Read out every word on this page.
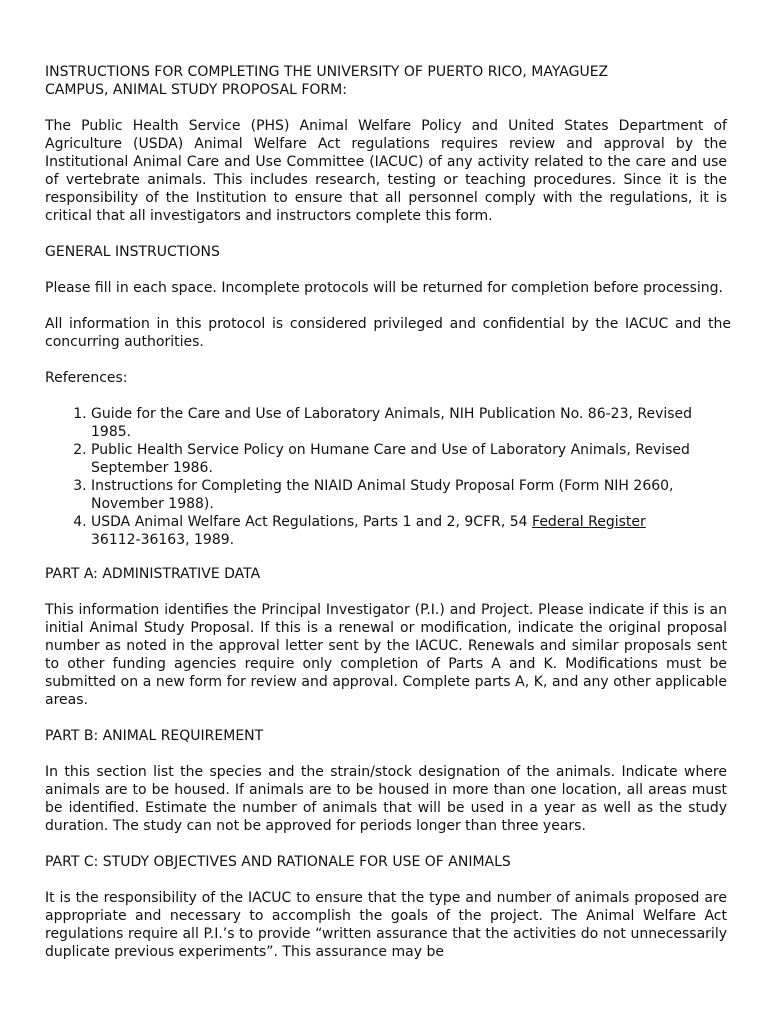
INSTRUCTIONS FOR COMPLETING THE UNIVERSITY OF PUERTO RICO, MAYAGUEZ
CAMPUS, ANIMAL STUDY PROPOSAL FORM:

The Public Health Service (PHS) Animal Welfare Policy and United States Department of Agriculture (USDA) Animal Welfare Act regulations requires review and approval by the Institutional Animal Care and Use Committee (IACUC) of any activity related to the care and use of vertebrate animals. This includes research, testing or teaching procedures. Since it is the responsibility of the Institution to ensure that all personnel comply with the regulations, it is critical that all investigators and instructors complete this form.

GENERAL INSTRUCTIONS

Please fill in each space. Incomplete protocols will be returned for completion before processing.

All information in this protocol is considered privileged and confidential by the IACUC and the concurring authorities.

References:
1. Guide for the Care and Use of Laboratory Animals, NIH Publication No. 86-23, Revised 1985.
2. Public Health Service Policy on Humane Care and Use of Laboratory Animals, Revised September 1986.
3. Instructions for Completing the NIAID Animal Study Proposal Form (Form NIH 2660, November 1988).
4. USDA Animal Welfare Act Regulations, Parts 1 and 2, 9CFR, 54 Federal Register
36112-36163, 1989.
PART A: ADMINISTRATIVE DATA

This information identifies the Principal Investigator (P.I.) and Project. Please indicate if this is an initial Animal Study Proposal. If this is a renewal or modification, indicate the original proposal number as noted in the approval letter sent by the IACUC. Renewals and similar proposals sent to other funding agencies require only completion of Parts A and K. Modifications must be submitted on a new form for review and approval. Complete parts A, K, and any other applicable areas.

PART B: ANIMAL REQUIREMENT

In this section list the species and the strain/stock designation of the animals. Indicate where animals are to be housed. If animals are to be housed in more than one location, all areas must be identified. Estimate the number of animals that will be used in a year as well as the study duration. The study can not be approved for periods longer than three years.

PART C: STUDY OBJECTIVES AND RATIONALE FOR USE OF ANIMALS

It is the responsibility of the IACUC to ensure that the type and number of animals proposed are appropriate and necessary to accomplish the goals of the project. The Animal Welfare Act regulations require all P.I.’s to provide “written assurance that the activities do not unnecessarily duplicate previous experiments”. This assurance may be
